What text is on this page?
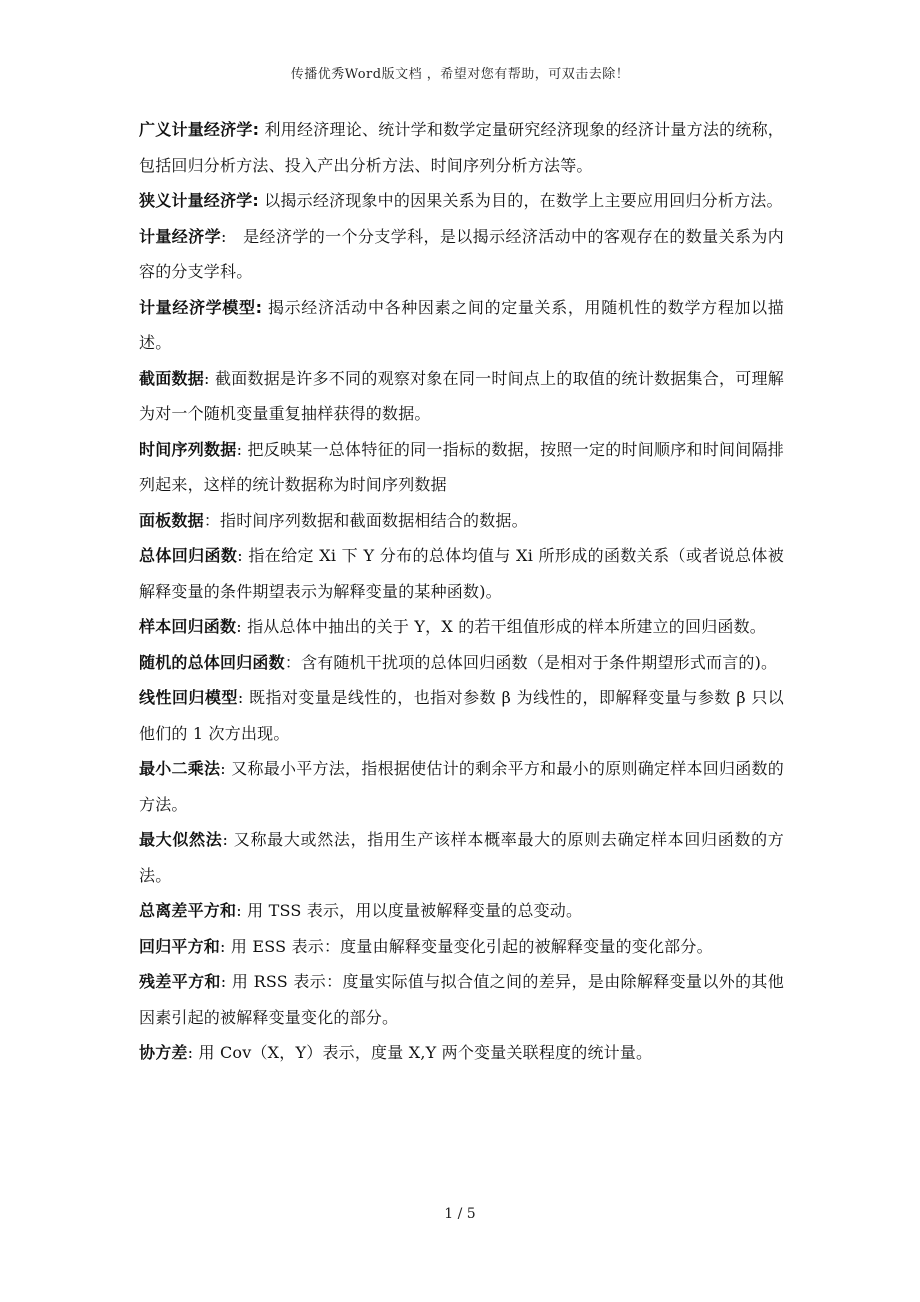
传播优秀Word版文档 ，希望对您有帮助，可双击去除！

广义计量经济学: 利用经济理论、统计学和数学定量研究经济现象的经济计量方法的统称，包括回归分析方法、投入产出分析方法、时间序列分析方法等。

狭义计量经济学: 以揭示经济现象中的因果关系为目的，在数学上主要应用回归分析方法。

计量经济学:　是经济学的一个分支学科，是以揭示经济活动中的客观存在的数量关系为内容的分支学科。

计量经济学模型: 揭示经济活动中各种因素之间的定量关系，用随机性的数学方程加以描述。

截面数据: 截面数据是许多不同的观察对象在同一时间点上的取值的统计数据集合，可理解为对一个随机变量重复抽样获得的数据。

时间序列数据: 把反映某一总体特征的同一指标的数据，按照一定的时间顺序和时间间隔排列起来，这样的统计数据称为时间序列数据

面板数据：指时间序列数据和截面数据相结合的数据。

总体回归函数: 指在给定 Xi 下 Y 分布的总体均值与 Xi 所形成的函数关系（或者说总体被解释变量的条件期望表示为解释变量的某种函数)。

样本回归函数: 指从总体中抽出的关于 Y，X 的若干组值形成的样本所建立的回归函数。

随机的总体回归函数：含有随机干扰项的总体回归函数（是相对于条件期望形式而言的)。

线性回归模型: 既指对变量是线性的，也指对参数 β 为线性的，即解释变量与参数 β 只以他们的 1 次方出现。

最小二乘法: 又称最小平方法，指根据使估计的剩余平方和最小的原则确定样本回归函数的方法。

最大似然法: 又称最大或然法，指用生产该样本概率最大的原则去确定样本回归函数的方法。

总离差平方和: 用 TSS 表示，用以度量被解释变量的总变动。

回归平方和: 用 ESS 表示：度量由解释变量变化引起的被解释变量的变化部分。

残差平方和: 用 RSS 表示：度量实际值与拟合值之间的差异，是由除解释变量以外的其他因素引起的被解释变量变化的部分。

协方差: 用 Cov（X，Y）表示，度量 X,Y 两个变量关联程度的统计量。

1 / 5
